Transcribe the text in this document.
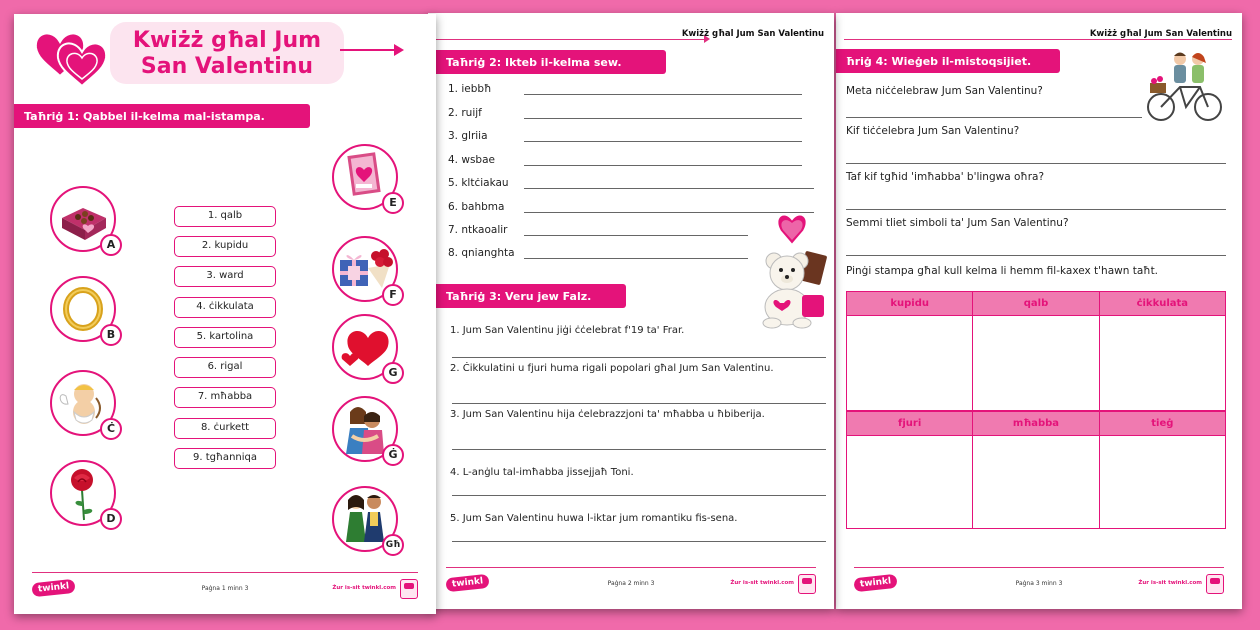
Kwiżż għal Jum San Valentinu
ħriġ 4: Wieġeb il-mistoqsijiet.
Meta niċċelebraw Jum San Valentinu?
Kif tiċċelebra Jum San Valentinu?
Taf kif tgħid 'imħabba' b'lingwa oħra?
Semmi tliet simboli ta' Jum San Valentinu?
Pinġi stampa għal kull kelma li hemm fil-kaxex t'hawn taħt.
kupidu	qalb	ċikkulata
fjuri	mħabba	tieġ
twinkl	Paġna 3 minn 3	Żur is-sit twinkl.com
Kwiżż għal Jum San Valentinu
Taħriġ 2: Ikteb il-kelma sew.
1. iebbħ
2. ruijf
3. glriia
4. wsbae
5. kltċiakau
6. bahbma
7. ntkaoalir
8. qnianghta
Taħriġ 3: Veru jew Falz.
1. Jum San Valentinu jiġi ċċelebrat f'19 ta' Frar.
2. Ċikkulatini u fjuri huma rigali popolari għal Jum San Valentinu.
3. Jum San Valentinu hija ċelebrazzjoni ta' mħabba u ħbiberija.
4. L-anġlu tal-imħabba jissejjaħ Toni.
5. Jum San Valentinu huwa l-iktar jum romantiku fis-sena.
twinkl	Paġna 2 minn 3	Żur is-sit twinkl.com
Kwiżż għal Jum San Valentinu
Taħriġ 1: Qabbel il-kelma mal-istampa.
A
B
Ċ
D
1. qalb
2. kupidu
3. ward
4. ċikkulata
5. kartolina
6. rigal
7. mħabba
8. ċurkett
9. tgħanniqa
E
F
G
Ġ
Għ
twinkl	Paġna 1 minn 3	Żur is-sit twinkl.com
